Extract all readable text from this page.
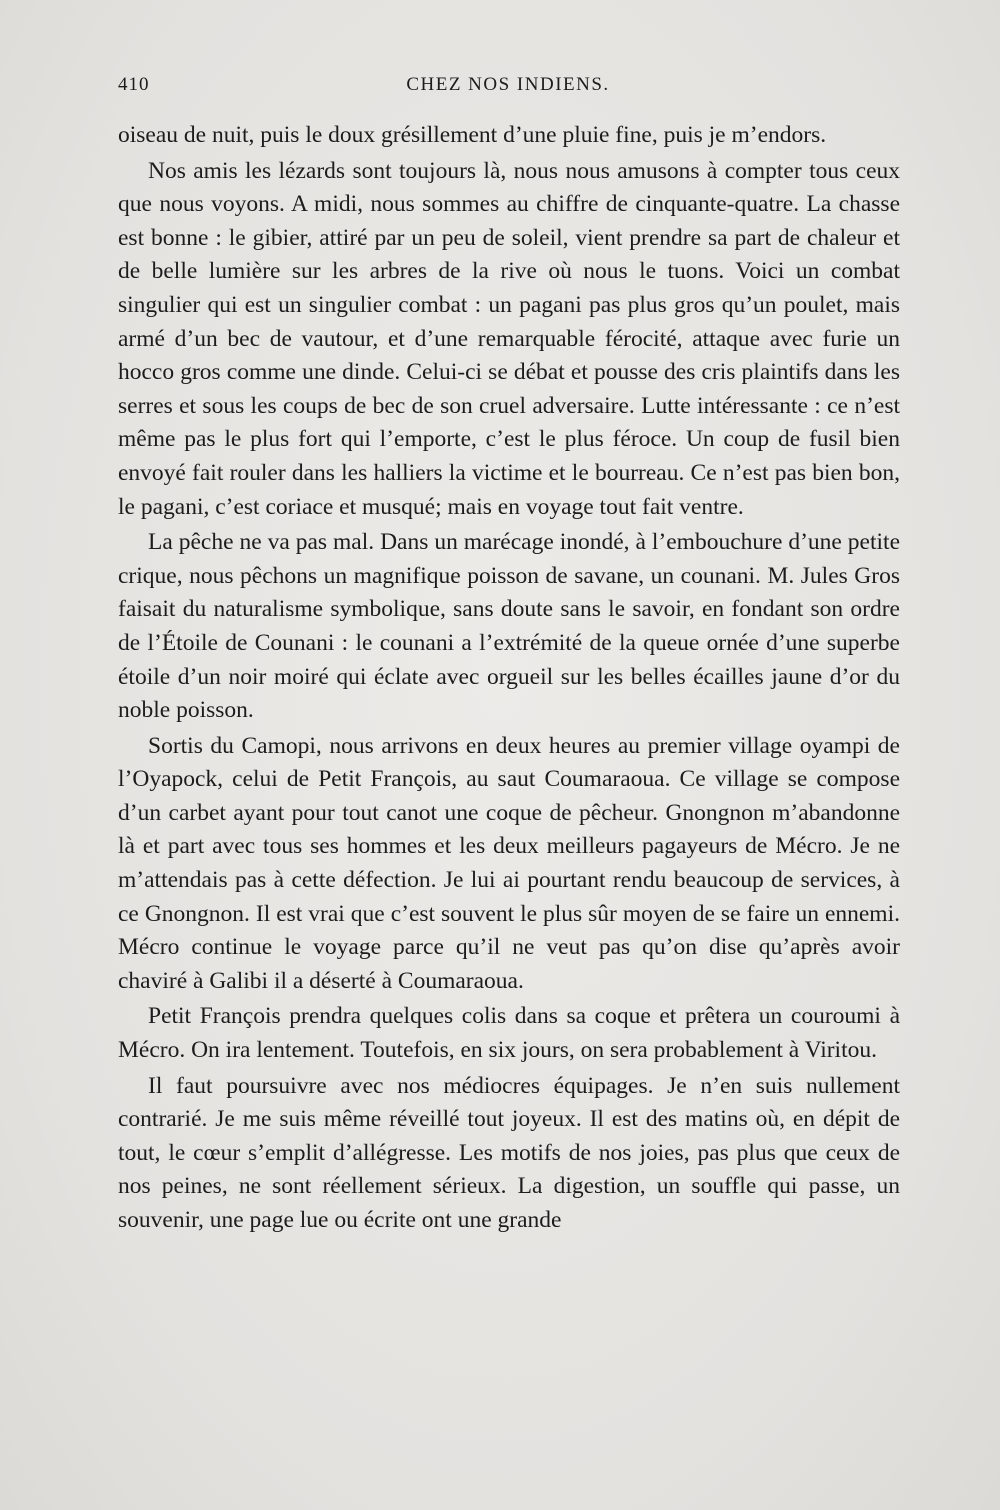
410	CHEZ NOS INDIENS.

oiseau de nuit, puis le doux grésillement d’une pluie fine, puis je m’endors.

Nos amis les lézards sont toujours là, nous nous amusons à compter tous ceux que nous voyons. A midi, nous sommes au chiffre de cinquante-quatre. La chasse est bonne : le gibier, attiré par un peu de soleil, vient prendre sa part de chaleur et de belle lumière sur les arbres de la rive où nous le tuons. Voici un combat singulier qui est un singulier combat : un pagani pas plus gros qu’un poulet, mais armé d’un bec de vautour, et d’une remarquable férocité, attaque avec furie un hocco gros comme une dinde. Celui-ci se débat et pousse des cris plaintifs dans les serres et sous les coups de bec de son cruel adversaire. Lutte intéressante : ce n’est même pas le plus fort qui l’emporte, c’est le plus féroce. Un coup de fusil bien envoyé fait rouler dans les halliers la victime et le bourreau. Ce n’est pas bien bon, le pagani, c’est coriace et musqué; mais en voyage tout fait ventre.

La pêche ne va pas mal. Dans un marécage inondé, à l’embouchure d’une petite crique, nous pêchons un magnifique poisson de savane, un counani. M. Jules Gros faisait du naturalisme symbolique, sans doute sans le savoir, en fondant son ordre de l’Étoile de Counani : le counani a l’extrémité de la queue ornée d’une superbe étoile d’un noir moiré qui éclate avec orgueil sur les belles écailles jaune d’or du noble poisson.

Sortis du Camopi, nous arrivons en deux heures au premier village oyampi de l’Oyapock, celui de Petit François, au saut Coumaraoua. Ce village se compose d’un carbet ayant pour tout canot une coque de pêcheur. Gnongnon m’abandonne là et part avec tous ses hommes et les deux meilleurs pagayeurs de Mécro. Je ne m’attendais pas à cette défection. Je lui ai pourtant rendu beaucoup de services, à ce Gnongnon. Il est vrai que c’est souvent le plus sûr moyen de se faire un ennemi. Mécro continue le voyage parce qu’il ne veut pas qu’on dise qu’après avoir chaviré à Galibi il a déserté à Coumaraoua.

Petit François prendra quelques colis dans sa coque et prêtera un couroumi à Mécro. On ira lentement. Toutefois, en six jours, on sera probablement à Viritou.

Il faut poursuivre avec nos médiocres équipages. Je n’en suis nullement contrarié. Je me suis même réveillé tout joyeux. Il est des matins où, en dépit de tout, le cœur s’emplit d’allégresse. Les motifs de nos joies, pas plus que ceux de nos peines, ne sont réellement sérieux. La digestion, un souffle qui passe, un souvenir, une page lue ou écrite ont une grande
